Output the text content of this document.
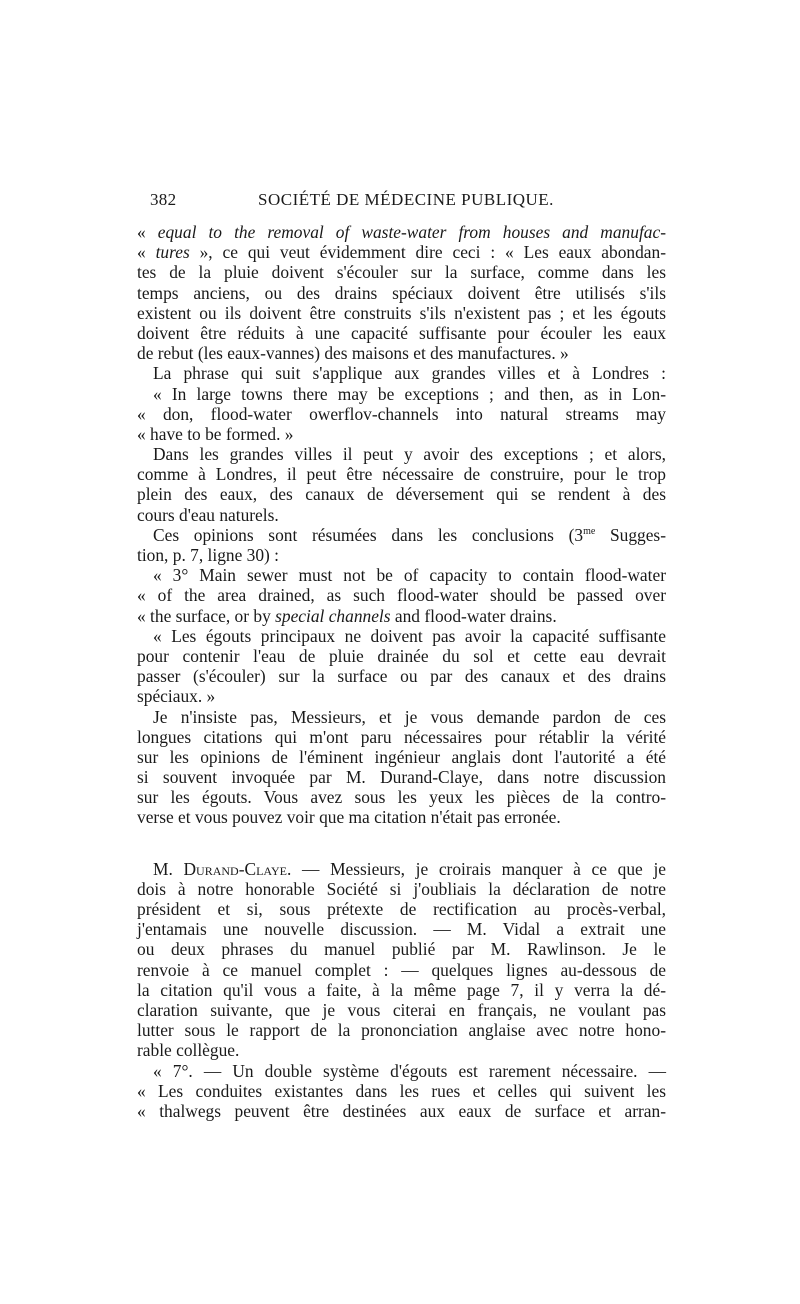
382	SOCIÉTÉ DE MÉDECINE PUBLIQUE.
« equal to the removal of waste-water from houses and manufac-
« tures », ce qui veut évidemment dire ceci : « Les eaux abondan-
tes de la pluie doivent s'écouler sur la surface, comme dans les
temps anciens, ou des drains spéciaux doivent être utilisés s'ils
existent ou ils doivent être construits s'ils n'existent pas ; et les égouts
doivent être réduits à une capacité suffisante pour écouler les eaux
de rebut (les eaux-vannes) des maisons et des manufactures. »
La phrase qui suit s'applique aux grandes villes et à Londres :
« In large towns there may be exceptions ; and then, as in Lon-
« don, flood-water owerflov-channels into natural streams may
« have to be formed. »
Dans les grandes villes il peut y avoir des exceptions ; et alors,
comme à Londres, il peut être nécessaire de construire, pour le trop
plein des eaux, des canaux de déversement qui se rendent à des
cours d'eau naturels.
Ces opinions sont résumées dans les conclusions ($3^{me}$ Sugges-
tion, p. 7, ligne 30) :
« 3° Main sewer must not be of capacity to contain flood-water
« of the area drained, as such flood-water should be passed over
« the surface, or by special channels and flood-water drains.
« Les égouts principaux ne doivent pas avoir la capacité suffisante
pour contenir l'eau de pluie drainée du sol et cette eau devrait
passer (s'écouler) sur la surface ou par des canaux et des drains
spéciaux. »
Je n'insiste pas, Messieurs, et je vous demande pardon de ces
longues citations qui m'ont paru nécessaires pour rétablir la vérité
sur les opinions de l'éminent ingénieur anglais dont l'autorité a été
si souvent invoquée par M. Durand-Claye, dans notre discussion
sur les égouts. Vous avez sous les yeux les pièces de la contro-
verse et vous pouvez voir que ma citation n'était pas erronée.
M. Durand-Claye. — Messieurs, je croirais manquer à ce que je
dois à notre honorable Société si j'oubliais la déclaration de notre
président et si, sous prétexte de rectification au procès-verbal,
j'entamais une nouvelle discussion. — M. Vidal a extrait une
ou deux phrases du manuel publié par M. Rawlinson. Je le
renvoie à ce manuel complet : — quelques lignes au-dessous de
la citation qu'il vous a faite, à la même page 7, il y verra la dé-
claration suivante, que je vous citerai en français, ne voulant pas
lutter sous le rapport de la prononciation anglaise avec notre hono-
rable collègue.
« 7°. — Un double système d'égouts est rarement nécessaire. —
« Les conduites existantes dans les rues et celles qui suivent les
« thalwegs peuvent être destinées aux eaux de surface et arran-
